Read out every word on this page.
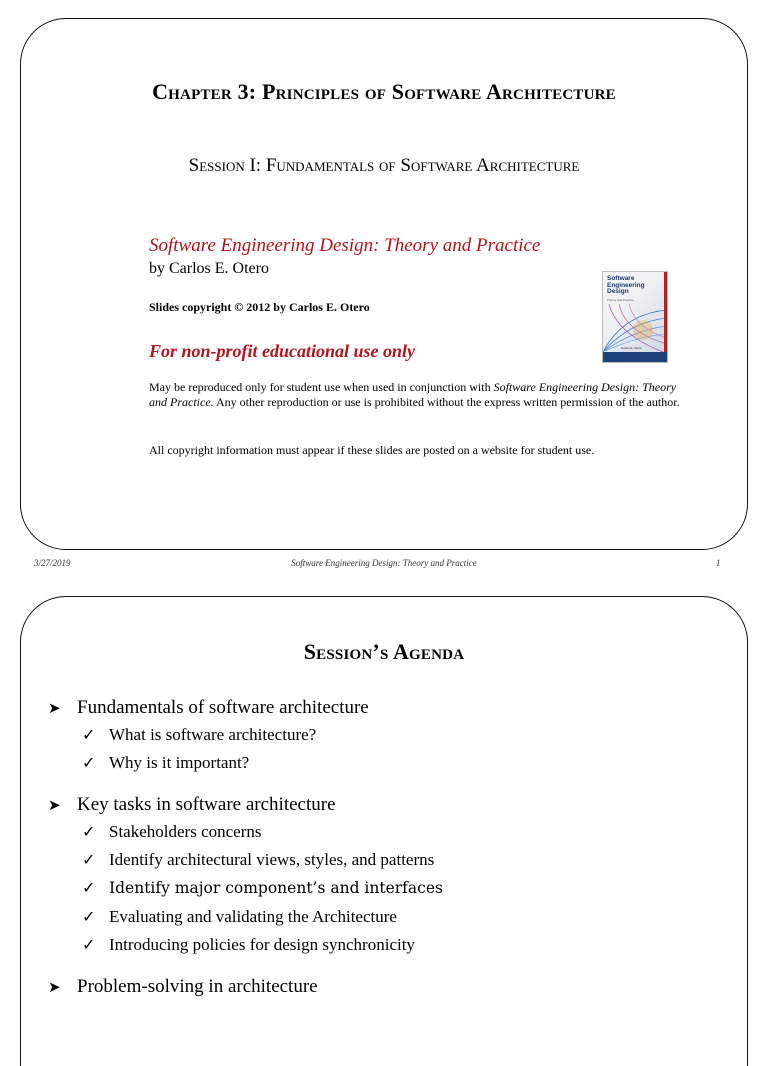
Chapter 3: Principles of Software Architecture
Session I: Fundamentals of Software Architecture
Software Engineering Design: Theory and Practice
by Carlos E. Otero
Slides copyright © 2012 by Carlos E. Otero
For non-profit educational use only
May be reproduced only for student use when used in conjunction with Software Engineering Design: Theory and Practice. Any other reproduction or use is prohibited without the express written permission of the author.
All copyright information must appear if these slides are posted on a website for student use.
Software
Engineering
Design
Theory and Practice
Carlos E. Otero
3/27/2019	Software Engineering Design: Theory and Practice	1
Session’s Agenda
➤ Fundamentals of software architecture
✓ What is software architecture?
✓ Why is it important?
➤ Key tasks in software architecture
✓ Stakeholders concerns
✓ Identify architectural views, styles, and patterns
✓ Identify major component’s and interfaces
✓ Evaluating and validating the Architecture
✓ Introducing policies for design synchronicity
➤ Problem-solving in architecture
